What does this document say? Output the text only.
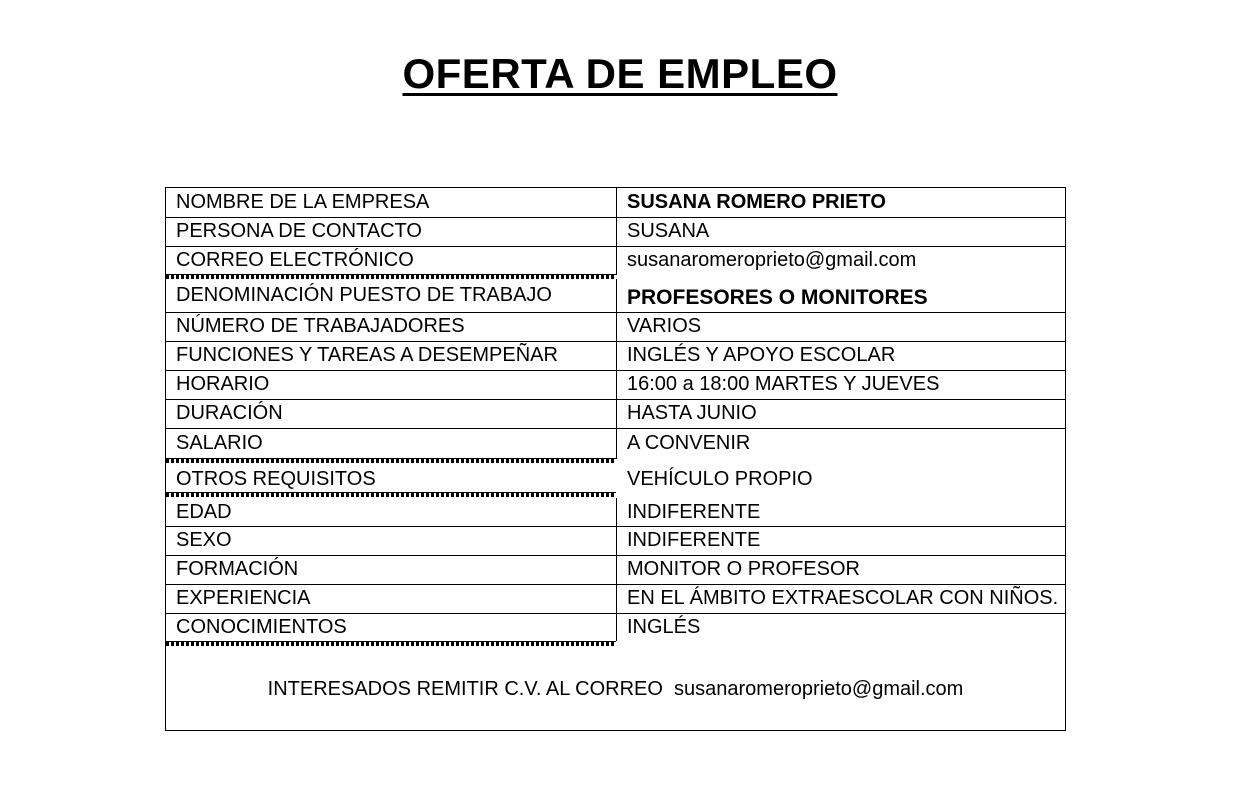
OFERTA DE EMPLEO
NOMBRE DE LA EMPRESA	SUSANA ROMERO PRIETO
PERSONA DE CONTACTO	SUSANA
CORREO ELECTRÓNICO	susanaromeroprieto@gmail.com
DENOMINACIÓN PUESTO DE TRABAJO	PROFESORES O MONITORES
NÚMERO DE TRABAJADORES	VARIOS
FUNCIONES Y TAREAS A DESEMPEÑAR	INGLÉS Y APOYO ESCOLAR
HORARIO	16:00 a 18:00 MARTES Y JUEVES
DURACIÓN	HASTA JUNIO
SALARIO	A CONVENIR
OTROS REQUISITOS	VEHÍCULO PROPIO
EDAD	INDIFERENTE
SEXO	INDIFERENTE
FORMACIÓN	MONITOR O PROFESOR
EXPERIENCIA	EN EL ÁMBITO EXTRAESCOLAR CON NIÑOS.
CONOCIMIENTOS	INGLÉS
INTERESADOS REMITIR C.V. AL CORREO  susanaromeroprieto@gmail.com
